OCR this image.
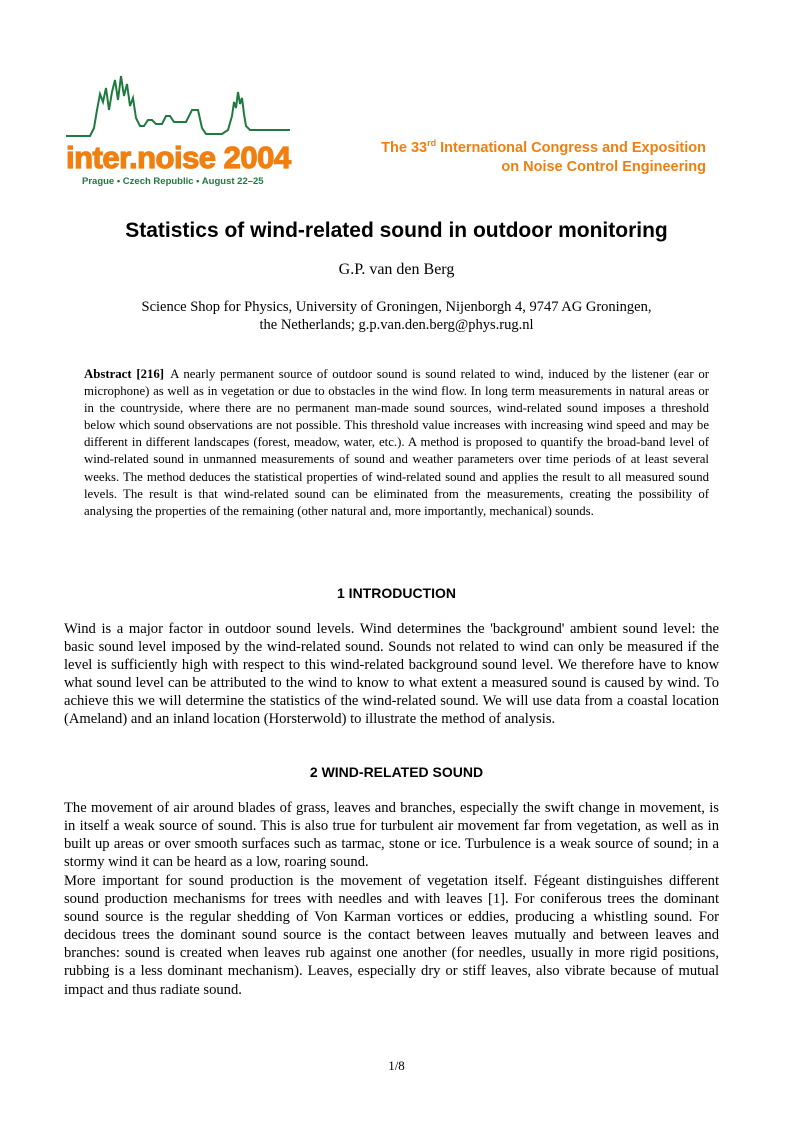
inter.noise 2004
Prague • Czech Republic • August 22–25
The 33rd International Congress and Exposition
on Noise Control Engineering
Statistics of wind-related sound in outdoor monitoring
G.P. van den Berg
Science Shop for Physics, University of Groningen, Nijenborgh 4, 9747 AG Groningen,
the Netherlands; g.p.van.den.berg@phys.rug.nl
Abstract [216] A nearly permanent source of outdoor sound is sound related to wind, induced by the listener (ear or microphone) as well as in vegetation or due to obstacles in the wind flow. In long term measurements in natural areas or in the countryside, where there are no permanent man-made sound sources, wind-related sound imposes a threshold below which sound observations are not possible. This threshold value increases with increasing wind speed and may be different in different landscapes (forest, meadow, water, etc.). A method is proposed to quantify the broad-band level of wind-related sound in unmanned measurements of sound and weather parameters over time periods of at least several weeks. The method deduces the statistical properties of wind-related sound and applies the result to all measured sound levels. The result is that wind-related sound can be eliminated from the measurements, creating the possibility of analysing the properties of the remaining (other natural and, more importantly, mechanical) sounds.
1 INTRODUCTION

Wind is a major factor in outdoor sound levels. Wind determines the 'background' ambient sound level: the basic sound level imposed by the wind-related sound. Sounds not related to wind can only be measured if the level is sufficiently high with respect to this wind-related background sound level. We therefore have to know what sound level can be attributed to the wind to know to what extent a measured sound is caused by wind. To achieve this we will determine the statistics of the wind-related sound. We will use data from a coastal location (Ameland) and an inland location (Horsterwold) to illustrate the method of analysis.

2 WIND-RELATED SOUND

The movement of air around blades of grass, leaves and branches, especially the swift change in movement, is in itself a weak source of sound. This is also true for turbulent air movement far from vegetation, as well as in built up areas or over smooth surfaces such as tarmac, stone or ice. Turbulence is a weak source of sound; in a stormy wind it can be heard as a low, roaring sound.

More important for sound production is the movement of vegetation itself. Fégeant distinguishes different sound production mechanisms for trees with needles and with leaves [1]. For coniferous trees the dominant sound source is the regular shedding of Von Karman vortices or eddies, producing a whistling sound. For decidous trees the dominant sound source is the contact between leaves mutually and between leaves and branches: sound is created when leaves rub against one another (for needles, usually in more rigid positions, rubbing is a less dominant mechanism). Leaves, especially dry or stiff leaves, also vibrate because of mutual impact and thus radiate sound.

1/8
